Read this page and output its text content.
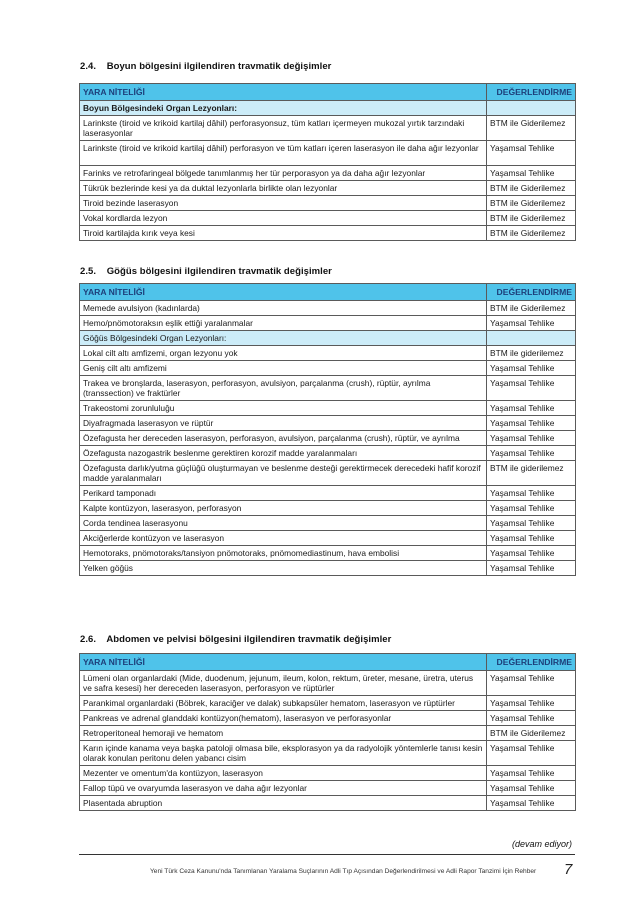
2.4. Boyun bölgesini ilgilendiren travmatik değişimler
YARA NİTELİĞİ	DEĞERLENDİRME
Boyun Bölgesindeki Organ Lezyonları:	
Larinkste (tiroid ve krikoid kartilaj dâhil) perforasyonsuz, tüm katları içermeyen mukozal yırtık tarzındaki laserasyonlar	BTM ile Giderilemez
Larinkste (tiroid ve krikoid kartilaj dâhil) perforasyon ve tüm katları içeren laserasyon ile daha ağır lezyonlar	Yaşamsal Tehlike
Farinks ve retrofaringeal bölgede tanımlanmış her tür perporasyon ya da daha ağır lezyonlar	Yaşamsal Tehlike
Tükrük bezlerinde kesi ya da duktal lezyonlarla birlikte olan lezyonlar	BTM ile Giderilemez
Tiroid bezinde laserasyon	BTM ile Giderilemez
Vokal kordlarda lezyon	BTM ile Giderilemez
Tiroid kartilajda kırık veya kesi	BTM ile Giderilemez
2.5. Göğüs bölgesini ilgilendiren travmatik değişimler
YARA NİTELİĞİ	DEĞERLENDİRME
Memede avulsiyon (kadınlarda)	BTM ile Giderilemez
Hemo/pnömotoraksın eşlik ettiği yaralanmalar	Yaşamsal Tehlike
Göğüs Bölgesindeki Organ Lezyonları:	
Lokal cilt altı amfizemi, organ lezyonu yok	BTM ile giderilemez
Geniş cilt altı amfizemi	Yaşamsal Tehlike
Trakea ve bronşlarda, laserasyon, perforasyon, avulsiyon, parçalanma (crush), rüptür, ayrılma (transsection) ve fraktürler	Yaşamsal Tehlike
Trakeostomi zorunluluğu	Yaşamsal Tehlike
Diyafragmada laserasyon ve rüptür	Yaşamsal Tehlike
Özefagusta her dereceden laserasyon, perforasyon, avulsiyon, parçalanma (crush), rüptür, ve ayrılma	Yaşamsal Tehlike
Özefagusta nazogastrik beslenme gerektiren korozif madde yaralanmaları	Yaşamsal Tehlike
Özefagusta darlık/yutma güçlüğü oluşturmayan ve beslenme desteği gerektirmecek derecedeki hafif korozif madde yaralanmaları	BTM ile giderilemez
Perikard tamponadı	Yaşamsal Tehlike
Kalpte kontüzyon, laserasyon, perforasyon	Yaşamsal Tehlike
Corda tendinea laserasyonu	Yaşamsal Tehlike
Akciğerlerde kontüzyon ve laserasyon	Yaşamsal Tehlike
Hemotoraks, pnömotoraks/tansiyon pnömotoraks, pnömomediastinum, hava embolisi	Yaşamsal Tehlike
Yelken göğüs	Yaşamsal Tehlike
2.6. Abdomen ve pelvisi bölgesini ilgilendiren travmatik değişimler
YARA NİTELİĞİ	DEĞERLENDİRME
Lümeni olan organlardaki (Mide, duodenum, jejunum, ileum, kolon, rektum, üreter, mesane, üretra, uterus ve safra kesesi) her dereceden laserasyon, perforasyon ve rüptürler	Yaşamsal Tehlike
Parankimal organlardaki (Böbrek, karaciğer ve dalak) subkapsüler hematom, laserasyon ve rüptürler	Yaşamsal Tehlike
Pankreas ve adrenal glanddaki kontüzyon(hematom), laserasyon ve perforasyonlar	Yaşamsal Tehlike
Retroperitoneal hemoraji ve hematom	BTM ile Giderilemez
Karın içinde kanama veya başka patoloji olmasa bile, eksplorasyon ya da radyolojik yöntemlerle tanısı kesin olarak konulan peritonu delen yabancı cisim	Yaşamsal Tehlike
Mezenter ve omentum'da kontüzyon, laserasyon	Yaşamsal Tehlike
Fallop tüpü ve ovaryumda laserasyon ve daha ağır lezyonlar	Yaşamsal Tehlike
Plasentada abruption	Yaşamsal Tehlike
(devam ediyor)
Yeni Türk Ceza Kanunu'nda Tanımlanan Yaralama Suçlarının Adli Tıp Açısından Değerlendirilmesi ve Adli Rapor Tanzimi İçin Rehber 7
